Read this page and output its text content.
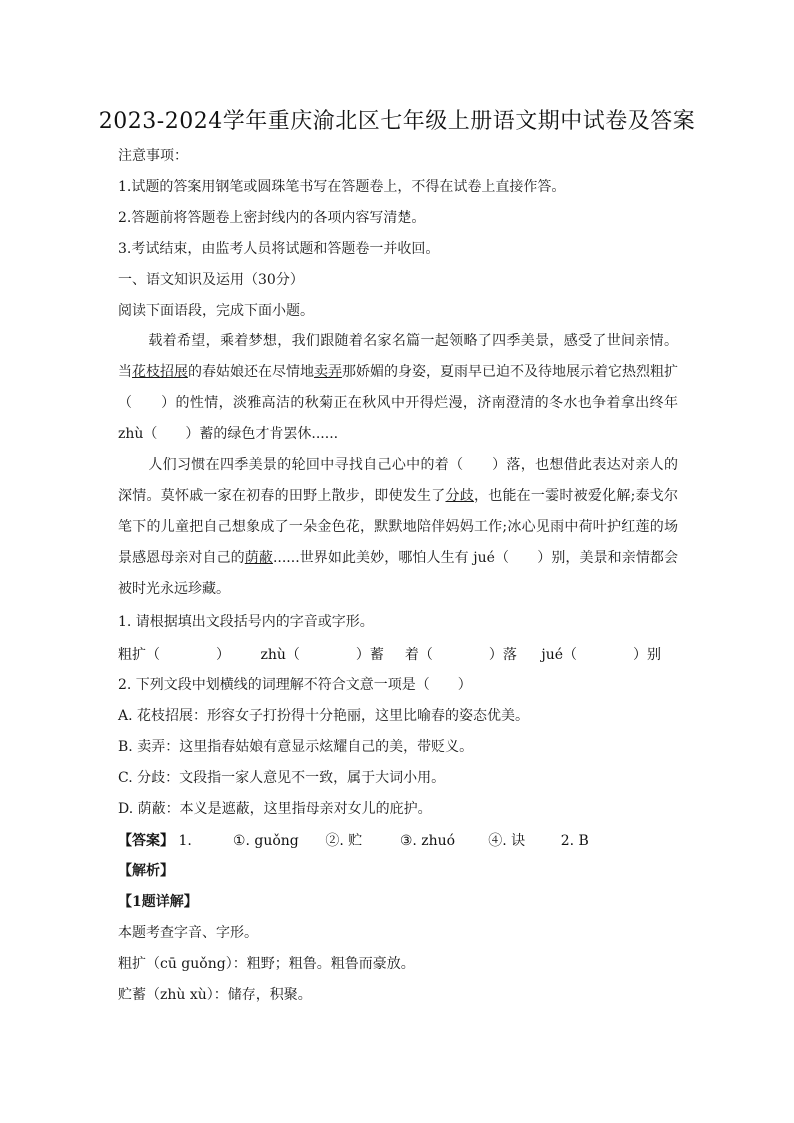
2023-2024学年重庆渝北区七年级上册语文期中试卷及答案
注意事项：
1.试题的答案用钢笔或圆珠笔书写在答题卷上，不得在试卷上直接作答。
2.答题前将答题卷上密封线内的各项内容写清楚。
3.考试结束，由监考人员将试题和答题卷一并收回。
一、语文知识及运用（30分）
阅读下面语段，完成下面小题。
载着希望，乘着梦想，我们跟随着名家名篇一起领略了四季美景，感受了世间亲情。当花枝招展的春姑娘还在尽情地卖弄那娇媚的身姿，夏雨早已迫不及待地展示着它热烈粗扩（　　）的性情，淡雅高洁的秋菊正在秋风中开得烂漫，济南澄清的冬水也争着拿出终年 zhù（　　）蓄的绿色才肯罢休......
人们习惯在四季美景的轮回中寻找自己心中的着（　　）落，也想借此表达对亲人的深情。莫怀戚一家在初春的田野上散步，即使发生了分歧，也能在一霎时被爱化解;泰戈尔笔下的儿童把自己想象成了一朵金色花，默默地陪伴妈妈工作;冰心见雨中荷叶护红莲的场景感恩母亲对自己的荫蔽......世界如此美妙，哪怕人生有 jué（　　）别，美景和亲情都会被时光永远珍藏。
1. 请根据填出文段括号内的字音或字形。
粗扩（　　　　） zhù（　　　　）蓄 着（　　　　）落 jué（　　　　）别
2. 下列文段中划横线的词理解不符合文意一项是（　　）
A. 花枝招展：形容女子打扮得十分艳丽，这里比喻春的姿态优美。
B. 卖弄：这里指春姑娘有意显示炫耀自己的美，带贬义。
C. 分歧：文段指一家人意见不一致，属于大词小用。
D. 荫蔽：本义是遮蔽，这里指母亲对女儿的庇护。
【答案】 1.	①. guǒng ②. 贮	③. zhuó ④. 诀	2. B
【解析】
【1题详解】
本题考查字音、字形。
粗扩（cū guǒng）：粗野；粗鲁。粗鲁而豪放。
贮蓄（zhù xù）：储存，积聚。
